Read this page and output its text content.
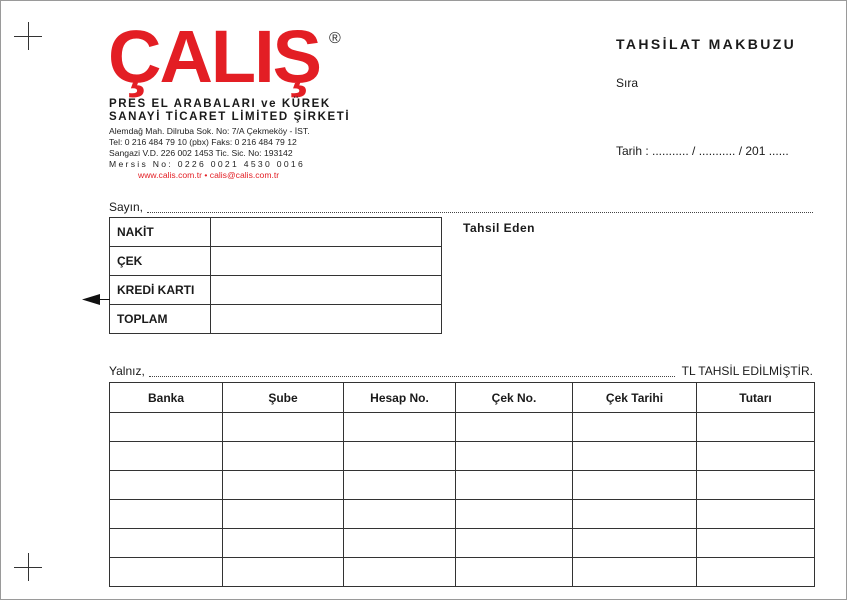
ÇALIŞ ®
PRES EL ARABALARI ve KÜREK
SANAYİ TİCARET LİMİTED ŞİRKETİ
Alemdağ Mah. Dilruba Sok. No: 7/A Çekmeköy - İST.
Tel: 0 216 484 79 10 (pbx) Faks: 0 216 484 79 12
Sangazi V.D. 226 002 1453 Tic. Sic. No: 193142
Mersis No: 0226 0021 4530 0016
www.calis.com.tr • calis@calis.com.tr
TAHSİLAT MAKBUZU
Sıra
Tarih : ........... / ........... / 201 ......
Sayın,
NAKİT	
ÇEK	
KREDİ KARTI	
TOPLAM	
Tahsil Eden
Yalnız,	TL TAHSİL EDİLMİŞTİR.
Banka	Şube	Hesap No.	Çek No.	Çek Tarihi	Tutarı
